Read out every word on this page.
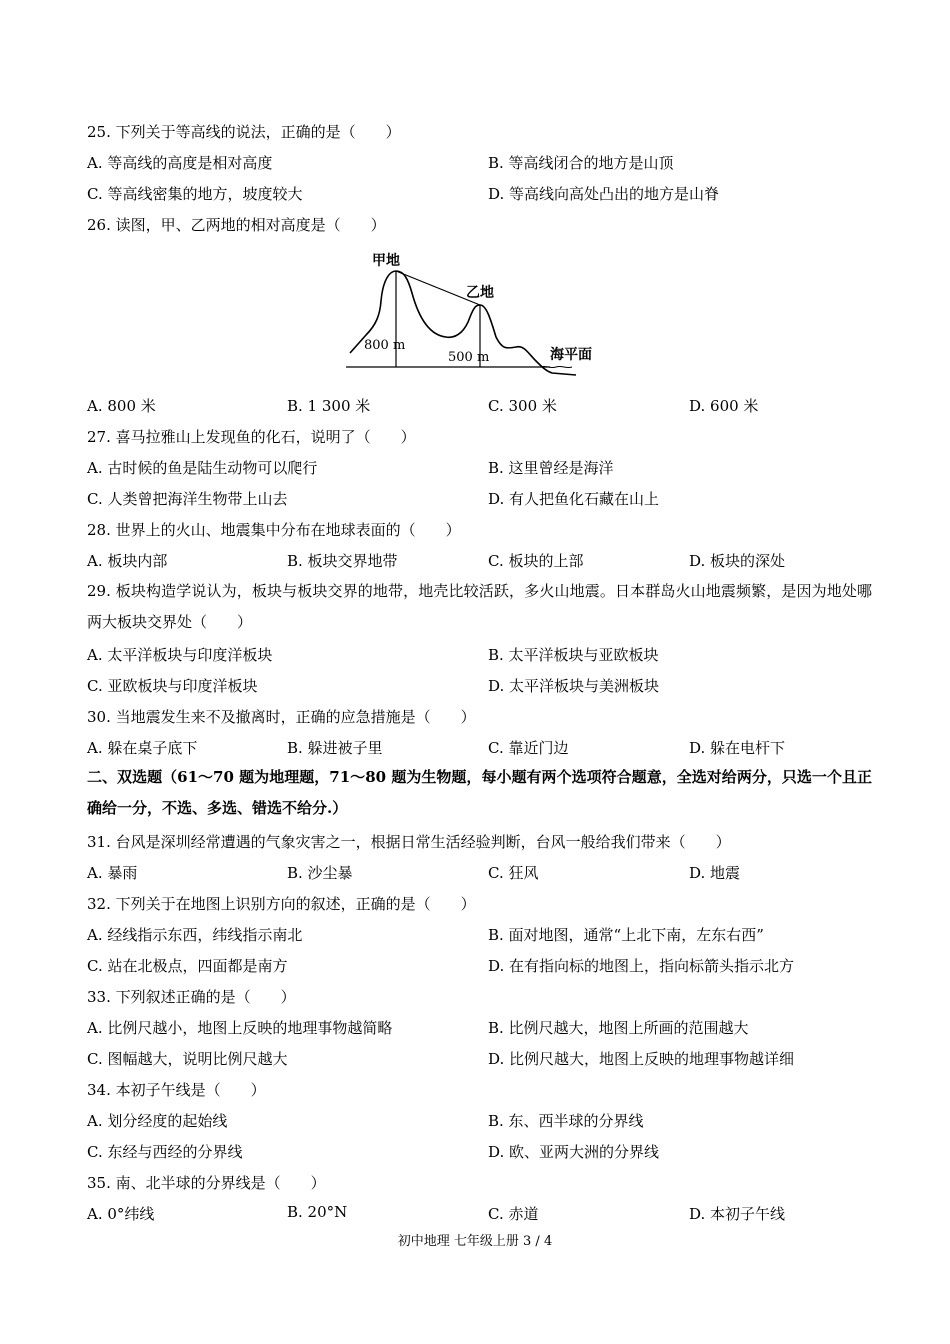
25. 下列关于等高线的说法，正确的是（　　）
A. 等高线的高度是相对高度	B. 等高线闭合的地方是山顶
C. 等高线密集的地方，坡度较大	D. 等高线向高处凸出的地方是山脊
26. 读图，甲、乙两地的相对高度是（　　）
甲地
乙地
800 m
500 m	海平面
A. 800 米	B. 1 300 米	C. 300 米	D. 600 米
27. 喜马拉雅山上发现鱼的化石，说明了（　　）
A. 古时候的鱼是陆生动物可以爬行	B. 这里曾经是海洋
C. 人类曾把海洋生物带上山去	D. 有人把鱼化石藏在山上
28. 世界上的火山、地震集中分布在地球表面的（　　）
A. 板块内部	B. 板块交界地带	C. 板块的上部	D. 板块的深处
29. 板块构造学说认为，板块与板块交界的地带，地壳比较活跃，多火山地震。日本群岛火山地震频繁，是因为地处哪两大板块交界处（　　）
A. 太平洋板块与印度洋板块	B. 太平洋板块与亚欧板块
C. 亚欧板块与印度洋板块	D. 太平洋板块与美洲板块
30. 当地震发生来不及撤离时，正确的应急措施是（　　）
A. 躲在桌子底下	B. 躲进被子里	C. 靠近门边	D. 躲在电杆下
二、双选题（61～70 题为地理题，71～80 题为生物题，每小题有两个选项符合题意，全选对给两分，只选一个且正确给一分，不选、多选、错选不给分.）
31. 台风是深圳经常遭遇的气象灾害之一，根据日常生活经验判断，台风一般给我们带来（　　）
A. 暴雨	B. 沙尘暴	C. 狂风	D. 地震
32. 下列关于在地图上识别方向的叙述，正确的是（　　）
A. 经线指示东西，纬线指示南北	B. 面对地图，通常“上北下南，左东右西”
C. 站在北极点，四面都是南方	D. 在有指向标的地图上，指向标箭头指示北方
33. 下列叙述正确的是（　　）
A. 比例尺越小，地图上反映的地理事物越简略	B. 比例尺越大，地图上所画的范围越大
C. 图幅越大，说明比例尺越大	D. 比例尺越大，地图上反映的地理事物越详细
34. 本初子午线是（　　）
A. 划分经度的起始线	B. 东、西半球的分界线
C. 东经与西经的分界线	D. 欧、亚两大洲的分界线
35. 南、北半球的分界线是（　　）
A. 0°纬线	B. 20°N	C. 赤道	D. 本初子午线
初中地理 七年级上册 3 / 4
